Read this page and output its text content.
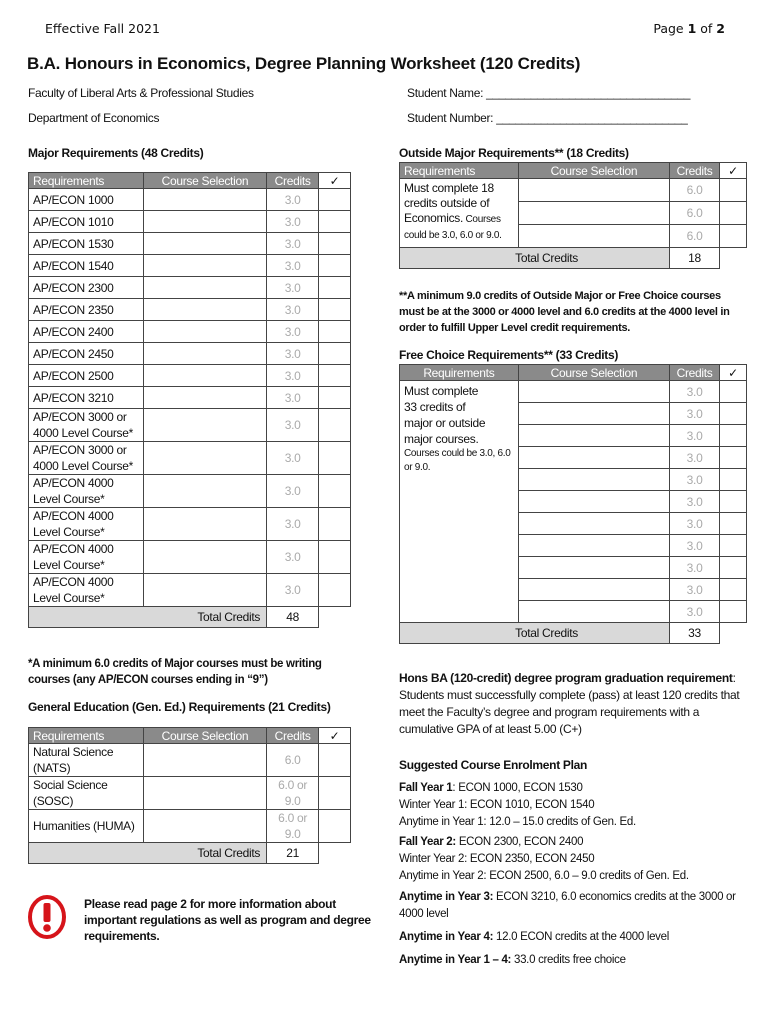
Effective Fall 2021	Page 1 of 2
B.A. Honours in Economics, Degree Planning Worksheet (120 Credits)
Faculty of Liberal Arts & Professional Studies
Department of Economics
Student Name: ________________________________
Student Number: ______________________________
Major Requirements (48 Credits)
Requirements	Course Selection	Credits	✓
AP/ECON 1000		3.0	
AP/ECON 1010		3.0	
AP/ECON 1530		3.0	
AP/ECON 1540		3.0	
AP/ECON 2300		3.0	
AP/ECON 2350		3.0	
AP/ECON 2400		3.0	
AP/ECON 2450		3.0	
AP/ECON 2500		3.0	
AP/ECON 3210		3.0	
AP/ECON 3000 or 4000 Level Course*		3.0	
AP/ECON 3000 or 4000 Level Course*		3.0	
AP/ECON 4000 Level Course*		3.0	
AP/ECON 4000 Level Course*		3.0	
AP/ECON 4000 Level Course*		3.0	
AP/ECON 4000 Level Course*		3.0	
Total Credits		48	
*A minimum 6.0 credits of Major courses must be writing courses (any AP/ECON courses ending in “9”)
General Education (Gen. Ed.) Requirements (21 Credits)
Requirements	Course Selection	Credits	✓
Natural Science (NATS)		6.0	
Social Science (SOSC)		6.0 or 9.0	
Humanities (HUMA)		6.0 or 9.0	
Total Credits		21	
Please read page 2 for more information about important regulations as well as program and degree requirements.
Outside Major Requirements** (18 Credits)
Requirements	Course Selection	Credits	✓
Must complete 18 credits outside of Economics. Courses
could be 3.0, 6.0 or 9.0.		6.0	
		6.0	
		6.0	
Total Credits		18	
**A minimum 9.0 credits of Outside Major or Free Choice courses must be at the 3000 or 4000 level and 6.0 credits at the 4000 level in order to fulfill Upper Level credit requirements.
Free Choice Requirements** (33 Credits)
Requirements	Course Selection	Credits	✓

Must complete 33 credits of major or outside major courses.
Courses could be 3.0, 6.0 or 9.0.		3.0	
		3.0	
		3.0	
		3.0	
		3.0	
		3.0	
		3.0	
		3.0	
		3.0	
		3.0	
		3.0	
Total Credits		33	
Hons BA (120-credit) degree program graduation requirement:
Students must successfully complete (pass) at least 120 credits that meet the Faculty’s degree and program requirements with a cumulative GPA of at least 5.00 (C+)
Suggested Course Enrolment Plan
Fall Year 1: ECON 1000, ECON 1530
Winter Year 1: ECON 1010, ECON 1540
Anytime in Year 1: 12.0 – 15.0 credits of Gen. Ed.
Fall Year 2: ECON 2300, ECON 2400
Winter Year 2: ECON 2350, ECON 2450
Anytime in Year 2: ECON 2500, 6.0 – 9.0 credits of Gen. Ed.
Anytime in Year 3: ECON 3210, 6.0 economics credits at the 3000 or 4000 level
Anytime in Year 4: 12.0 ECON credits at the 4000 level
Anytime in Year 1 – 4: 33.0 credits free choice
